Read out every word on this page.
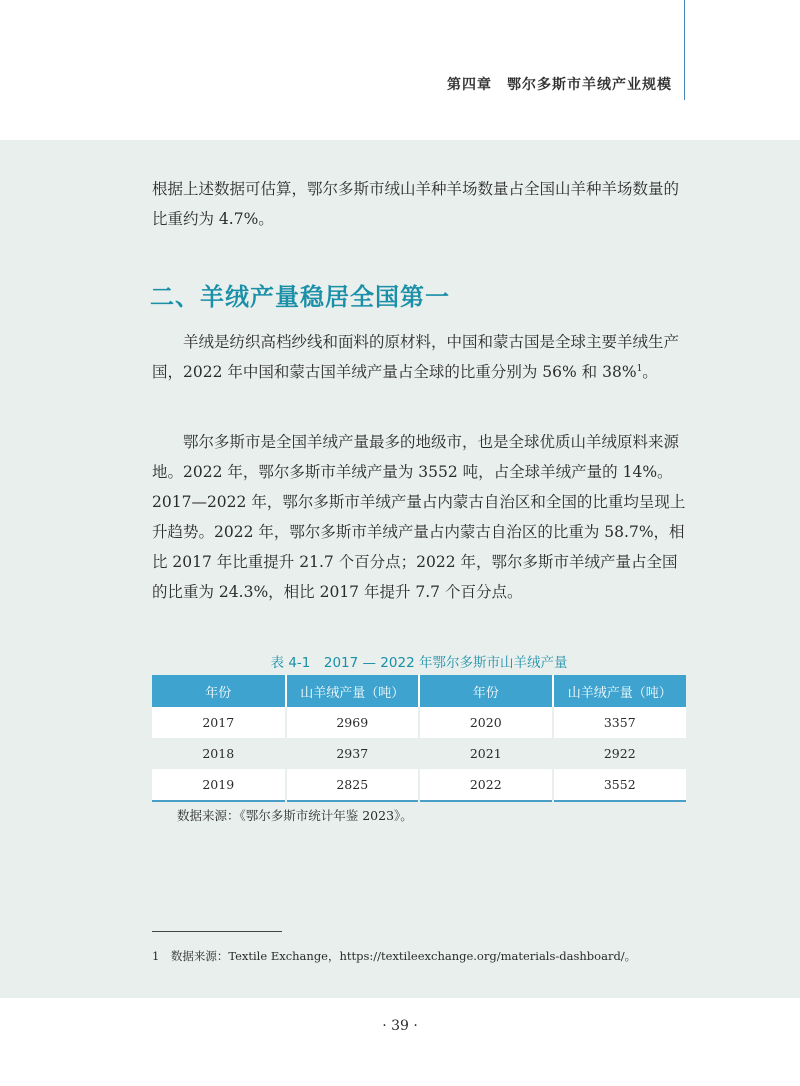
第四章　鄂尔多斯市羊绒产业规模

根据上述数据可估算，鄂尔多斯市绒山羊种羊场数量占全国山羊种羊场数量的比重约为 4.7%。

二、羊绒产量稳居全国第一

羊绒是纺织高档纱线和面料的原材料，中国和蒙古国是全球主要羊绒生产国，2022 年中国和蒙古国羊绒产量占全球的比重分别为 56% 和 38%$^1$。

鄂尔多斯市是全国羊绒产量最多的地级市，也是全球优质山羊绒原料来源地。2022 年，鄂尔多斯市羊绒产量为 3552 吨，占全球羊绒产量的 14%。2017—2022 年，鄂尔多斯市羊绒产量占内蒙古自治区和全国的比重均呈现上升趋势。2022 年，鄂尔多斯市羊绒产量占内蒙古自治区的比重为 58.7%，相比 2017 年比重提升 21.7 个百分点；2022 年，鄂尔多斯市羊绒产量占全国的比重为 24.3%，相比 2017 年提升 7.7 个百分点。

表 4-1　2017 — 2022 年鄂尔多斯市山羊绒产量
年份	山羊绒产量（吨）	年份	山羊绒产量（吨）
2017	2969	2020	3357
2018	2937	2021	2922
2019	2825	2022	3552
数据来源：《鄂尔多斯市统计年鉴 2023》。
1　数据来源：Textile Exchange，https://textileexchange.org/materials-dashboard/。
· 39 ·
